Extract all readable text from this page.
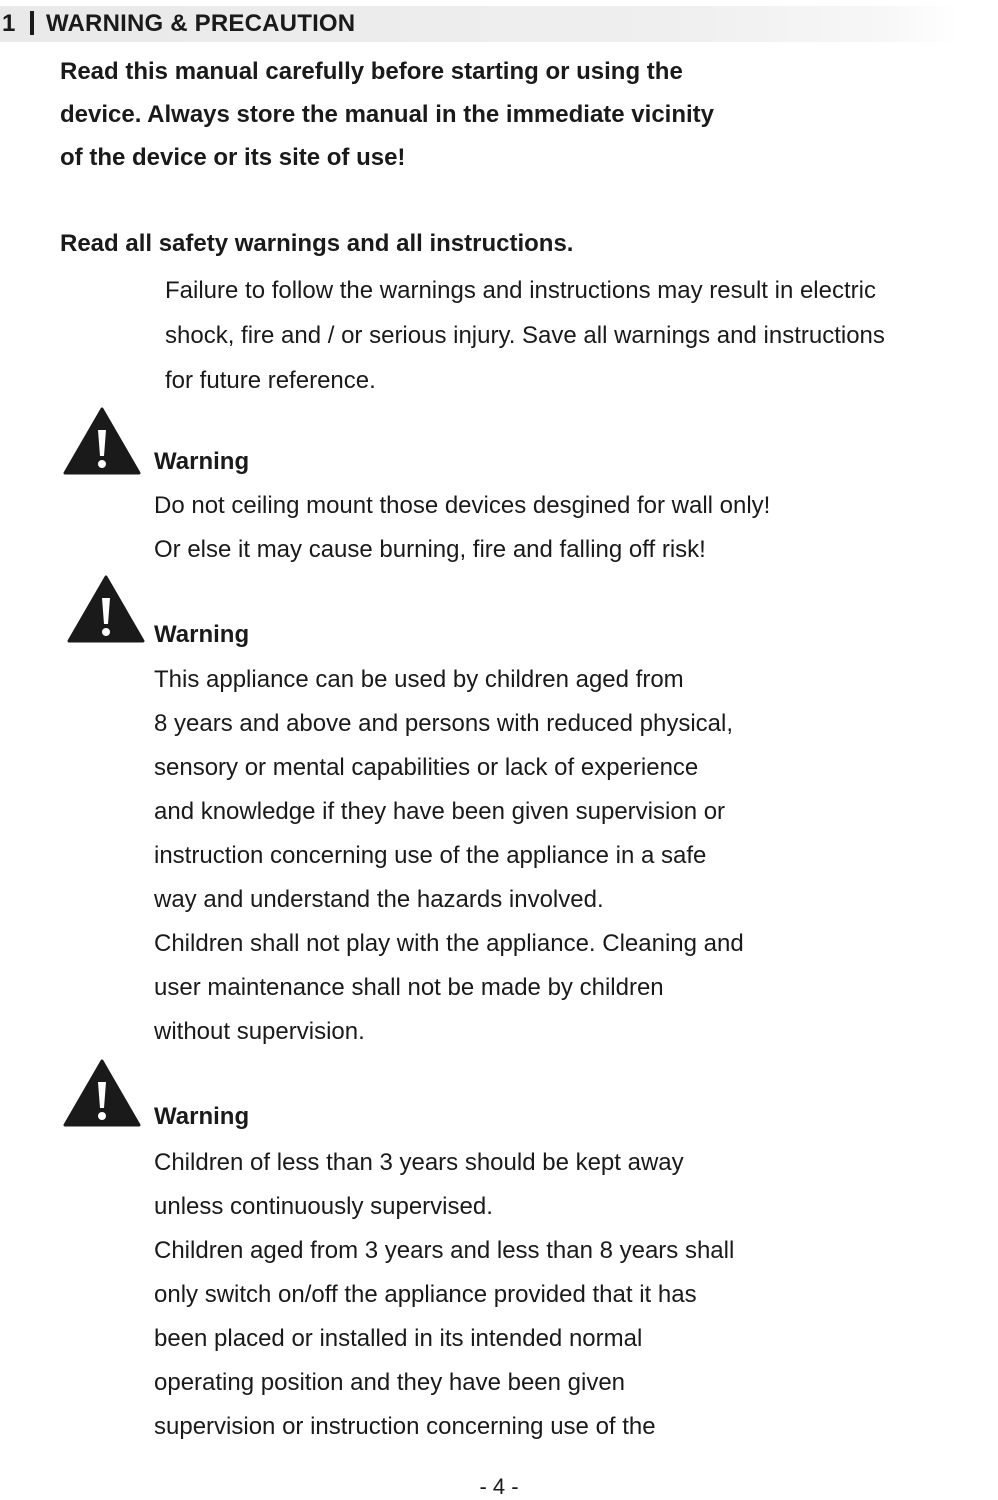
1 WARNING & PRECAUTION
Read this manual carefully before starting or using the
device. Always store the manual in the immediate vicinity
of the device or its site of use!
Read all safety warnings and all instructions.
Failure to follow the warnings and instructions may result in electric
shock, fire and / or serious injury. Save all warnings and instructions
for future reference.
Warning
Do not ceiling mount those devices desgined for wall only!
Or else it may cause burning, fire and falling off risk!
Warning
This appliance can be used by children aged from
8 years and above and persons with reduced physical,
sensory or mental capabilities or lack of experience
and knowledge if they have been given supervision or
instruction concerning use of the appliance in a safe
way and understand the hazards involved.
Children shall not play with the appliance. Cleaning and
user maintenance shall not be made by children
without supervision.
Warning
Children of less than 3 years should be kept away
unless continuously supervised.
Children aged from 3 years and less than 8 years shall
only switch on/off the appliance provided that it has
been placed or installed in its intended normal
operating position and they have been given
supervision or instruction concerning use of the
- 4 -
